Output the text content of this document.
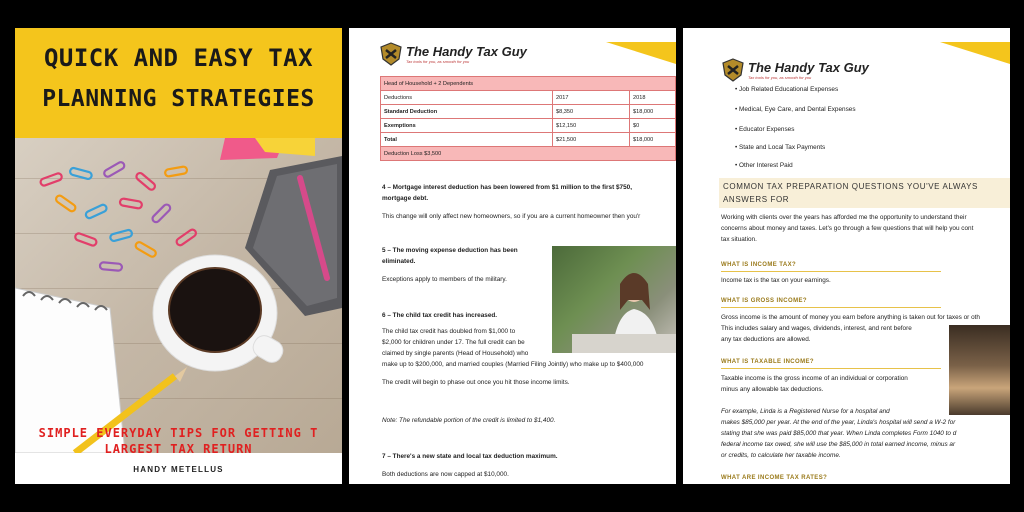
QUICK AND EASY TAX
PLANNING STRATEGIES
SIMPLE EVERYDAY TIPS FOR GETTING T
LARGEST TAX RETURN
HANDY METELLUS
The Handy Tax Guy
Tax tools for you, as smooth for you
Head of Household + 2 Dependents		
Deductions	2017	2018
Standard Deduction	$8,350	$18,000
Exemptions	$12,150	$0
Total	$21,500	$18,000
Deduction Loss $3,500		
4 – Mortgage interest deduction has been lowered from $1 million to the first $750,
mortgage debt.
This change will only affect new homeowners, so if you are a current homeowner then you'r
5 – The moving expense deduction has been
eliminated.
Exceptions apply to members of the military.
6 – The child tax credit has increased.
The child tax credit has doubled from $1,000 to
$2,000 for children under 17. The full credit can be
claimed by single parents (Head of Household) who
make up to $200,000, and married couples (Married Filing Jointly) who make up to $400,000
The credit will begin to phase out once you hit those income limits.
Note: The refundable portion of the credit is limited to $1,400.
7 – There's a new state and local tax deduction maximum.
Both deductions are now capped at $10,000.
The Handy Tax Guy
Tax tools for you, as smooth for you
• Job Related Educational Expenses
• Medical, Eye Care, and Dental Expenses
• Educator Expenses
• State and Local Tax Payments
• Other Interest Paid
COMMON TAX PREPARATION QUESTIONS YOU'VE ALWAYS
ANSWERS FOR
Working with clients over the years has afforded me the opportunity to understand their
concerns about money and taxes. Let's go through a few questions that will help you cont
tax situation.
WHAT IS INCOME TAX?
Income tax is the tax on your earnings.
WHAT IS GROSS INCOME?
Gross income is the amount of money you earn before anything is taken out for taxes or oth
This includes salary and wages, dividends, interest, and rent before
any tax deductions are allowed.
WHAT IS TAXABLE INCOME?
Taxable income is the gross income of an individual or corporation
minus any allowable tax deductions.
For example, Linda is a Registered Nurse for a hospital and
makes $85,000 per year. At the end of the year, Linda's hospital will send a W-2 for
stating that she was paid $85,000 that year. When Linda completes Form 1040 to d
federal income tax owed, she will use the $85,000 in total earned income, minus ar
or credits, to calculate her taxable income.
WHAT ARE INCOME TAX RATES?
